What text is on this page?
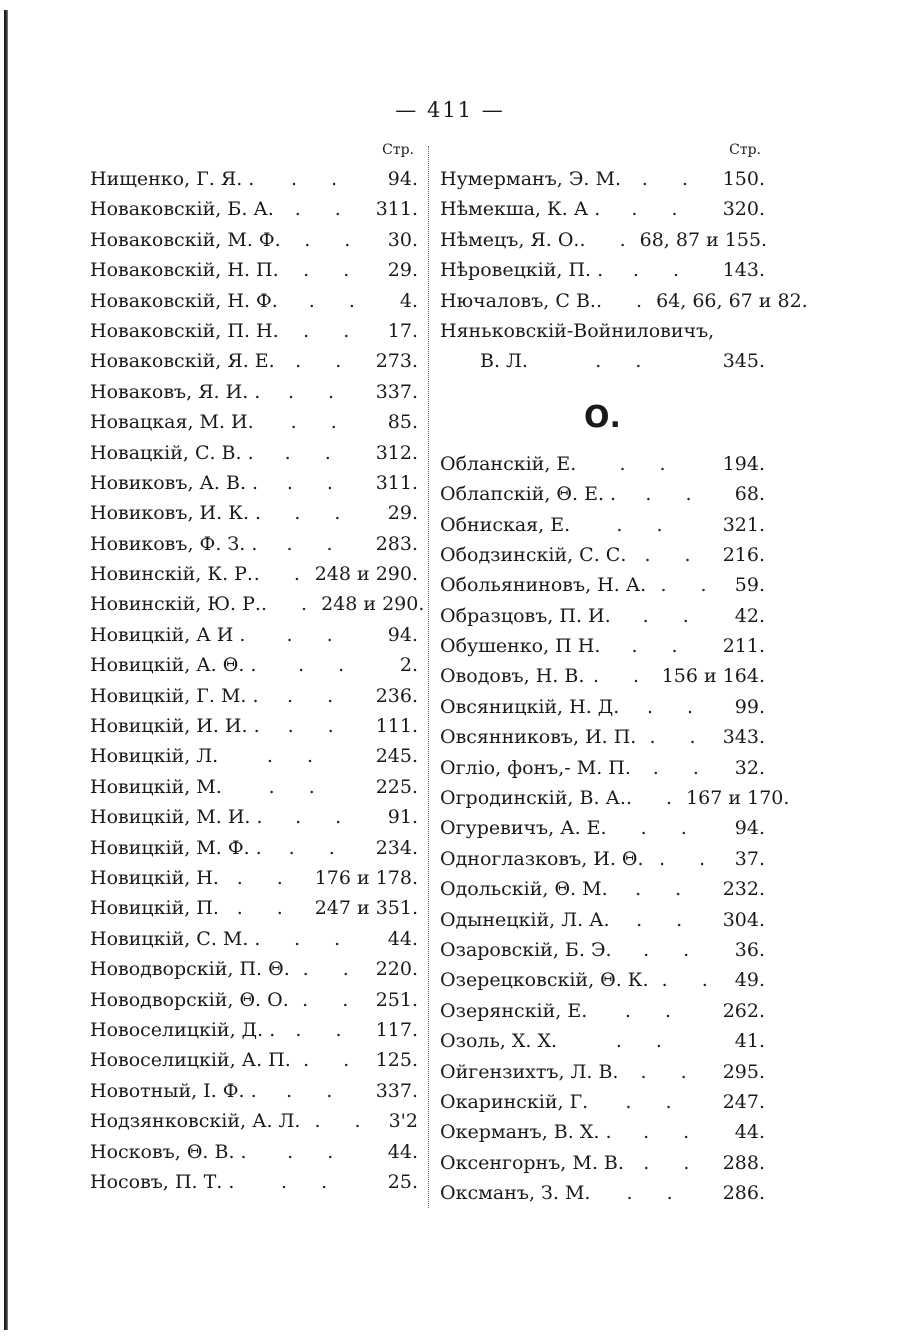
— 411 —
Стр.
Нищенко, Г. Я. .	. .	94.
Новаковскій, Б. А.	. .	311.
Новаковскій, М. Ф.	. .	30.
Новаковскій, Н. П.	. .	29.
Новаковскій, Н. Ф.	. .	4.
Новаковскій, П. Н.	. .	17.
Новаковскій, Я. Е.	. .	273.
Новаковъ, Я. И. .	. .	337.
Новацкая, М. И.	. .	85.
Новацкій, С. В. .	. .	312.
Новиковъ, А. В. .	. .	311.
Новиковъ, И. К. .	. .	29.
Новиковъ, Ф. З. .	. .	283.
Новинскій, К. Р. . . 248 и 290.
Новинскій, Ю. Р. . . 248 и 290.
Новицкій, А И .	. .	94.
Новицкій, А. Θ. .	. .	2.
Новицкій, Г. М. .	. .	236.
Новицкій, И. И. .	. .	111.
Новицкій, Л.	. .	245.
Новицкій, М.	. .	225.
Новицкій, М. И. .	. .	91.
Новицкій, М. Ф. .	. .	234.
Новицкій, Н. . . 176 и 178.
Новицкій, П. . . 247 и 351.
Новицкій, С. М. .	. .	44.
Новодворскій, П. Θ. . . 220.
Новодворскій, Θ. О. . . 251.
Новоселицкій, Д. .	. .	117.
Новоселицкій, А. П. . . 125.
Новотный, І. Ф. .	. .	337.
Нодзянковскій, А. Л. . . 3'2
Носковъ, Θ. В. .	. .	44.
Носовъ, П. Т. .	. .	25.
Стр.
Нумерманъ, Э. М.	. .	150.
Нѣмекша, К. А .	. .	320.
Нѣмецъ, Я. О. . . 68, 87 и 155.
Нѣровецкій, П. .	. .	143.
Нючаловъ, С В. . . 64, 66, 67 и 82.
Няньковскій-Войниловичъ,
В. Л.	. .	345.
О.
Обланскій, Е.	. .	194.
Облапскій, Θ. Е. .	. .	68.
Обниская, Е.	. .	321.
Ободзинскій, С. С. . . 216.
Обольяниновъ, Н. А. . . 59.
Образцовъ, П. И.	. .	42.
Обушенко, П Н.	. .	211.
Оводовъ, Н. В. . . 156 и 164.
Овсяницкій, Н. Д.	. .	99.
Овсянниковъ, И. П. . . 343.
Огліо, фонъ,- М. П.	. .	32.
Огродинскій, В. А. . . 167 и 170.
Огуревичъ, А. Е.	. .	94.
Одноглазковъ, И. Θ. . . 37.
Одольскій, Θ. М.	. .	232.
Одынецкій, Л. А.	. .	304.
Озаровскій, Б. Э.	. .	36.
Озерецковскій, Θ. К. . . 49.
Озерянскій, Е.	. .	262.
Озоль, Х. Х.	. .	41.
Ойгензихтъ, Л. В.	. .	295.
Окаринскій, Г.	. .	247.
Окерманъ, В. Х. .	. .	44.
Оксенгорнъ, М. В.	. .	288.
Оксманъ, З. М.	. .	286.
